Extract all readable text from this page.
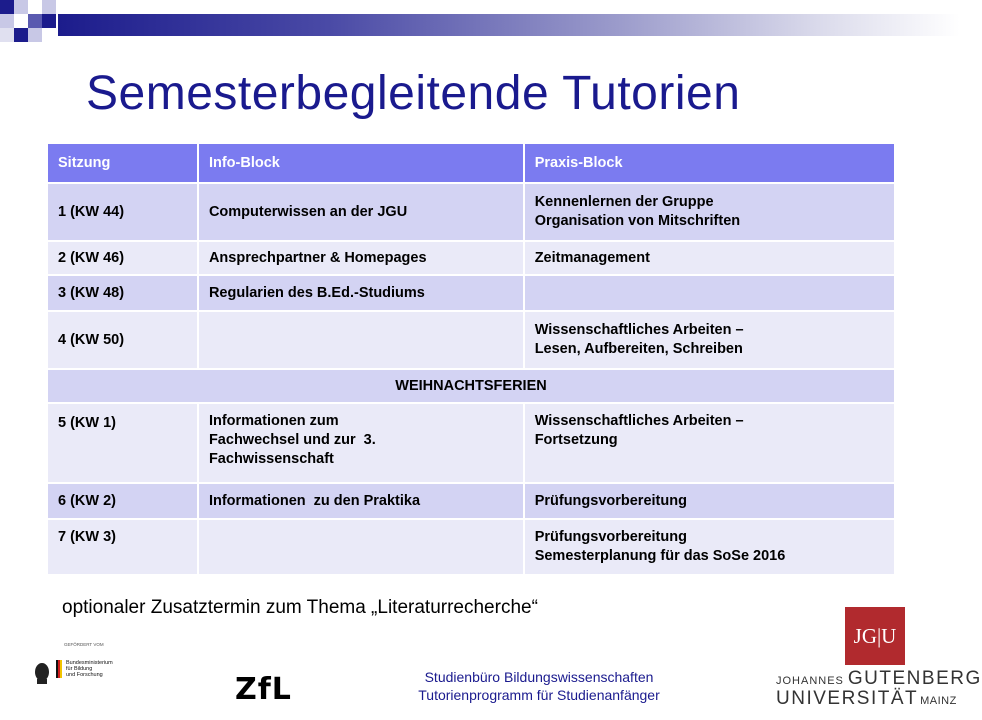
Semesterbegleitende Tutorien
Sitzung	Info-Block	Praxis-Block
1 (KW 44)	Computerwissen an der JGU	Kennenlernen der Gruppe
Organisation von Mitschriften
2 (KW 46)	Ansprechpartner & Homepages	Zeitmanagement
3 (KW 48)	Regularien des B.Ed.-Studiums	
4 (KW 50)		Wissenschaftliches Arbeiten –
Lesen, Aufbereiten, Schreiben
WEIHNACHTSFERIEN		
5 (KW 1)	Informationen zum
Fachwechsel und zur  3.
Fachwissenschaft	Wissenschaftliches Arbeiten –
Fortsetzung
6 (KW 2)	Informationen  zu den Praktika	Prüfungsvorbereitung
7 (KW 3)		Prüfungsvorbereitung
Semesterplanung für das SoSe 2016
optionaler Zusatztermin zum Thema „Literaturrecherche“
GEFÖRDERT VOM
Bundesministerium
für Bildung
und Forschung	ZfL	Studienbüro Bildungswissenschaften
Tutorienprogramm für Studienanfänger
JG|U
JOHANNES GUTENBERG
UNIVERSITÄT MAINZ
